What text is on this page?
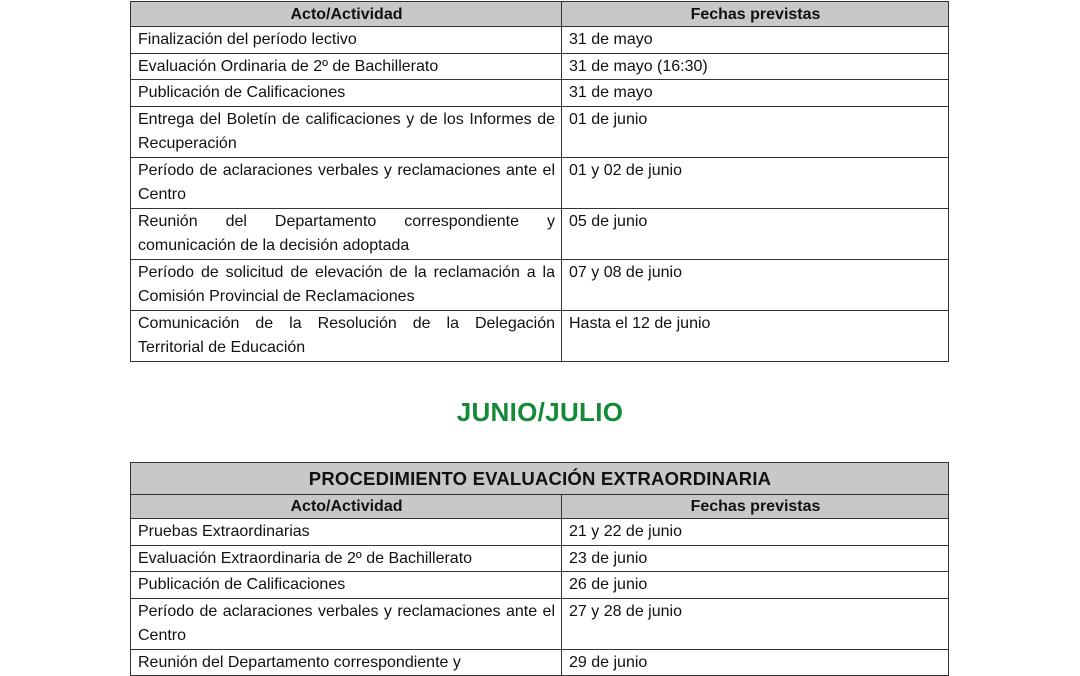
Acto/Actividad	Fechas previstas
Finalización del período lectivo	31 de mayo
Evaluación Ordinaria de 2º de Bachillerato	31 de mayo (16:30)
Publicación de Calificaciones	31 de mayo
Entrega del Boletín de calificaciones y de los Informes de Recuperación	01 de junio
Período de aclaraciones verbales y reclamaciones ante el Centro	01 y 02 de junio
Reunión del Departamento correspondiente y comunicación de la decisión adoptada	05 de junio
Período de solicitud de elevación de la reclamación a la Comisión Provincial de Reclamaciones	07 y 08 de junio
Comunicación de la Resolución de la Delegación Territorial de Educación	Hasta el 12 de junio
JUNIO/JULIO
PROCEDIMIENTO EVALUACIÓN EXTRAORDINARIA	
Acto/Actividad	Fechas previstas
Pruebas Extraordinarias	21 y 22 de junio
Evaluación Extraordinaria de 2º de Bachillerato	23 de junio
Publicación de Calificaciones	26 de junio
Período de aclaraciones verbales y reclamaciones ante el Centro	27 y 28 de junio
Reunión del Departamento correspondiente y	29 de junio
